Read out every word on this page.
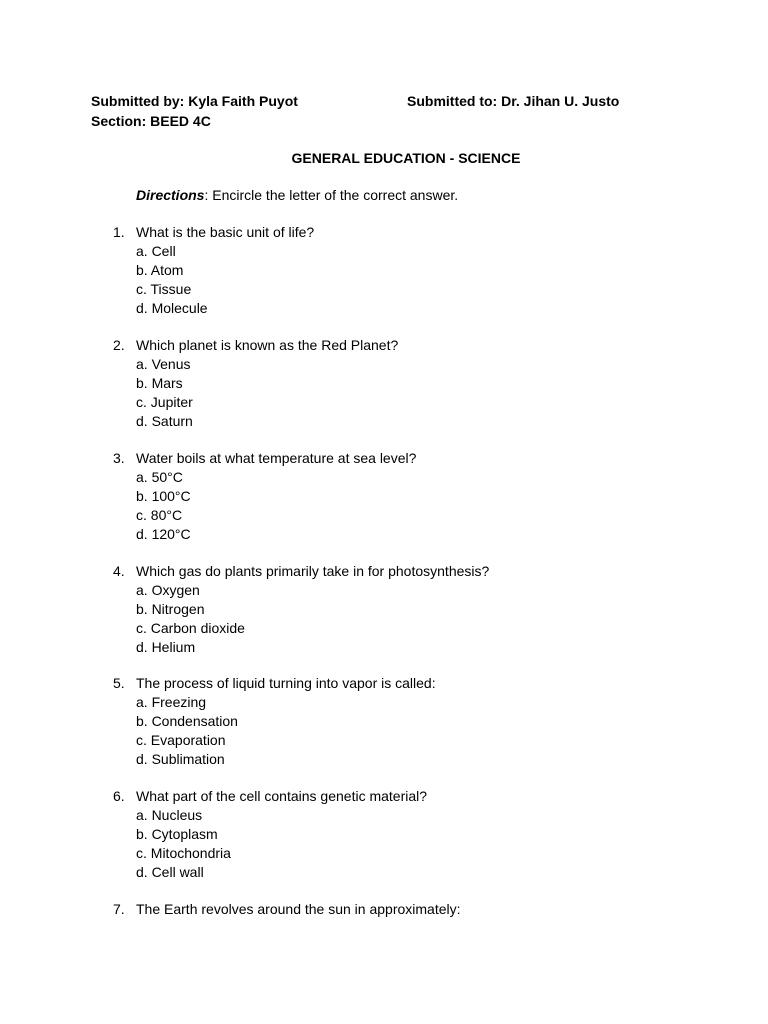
Submitted by: Kyla Faith Puyot
Section: BEED 4C
Submitted to: Dr. Jihan U. Justo
GENERAL EDUCATION - SCIENCE
Directions: Encircle the letter of the correct answer.
1. What is the basic unit of life?
a. Cell
b. Atom
c. Tissue
d. Molecule
2. Which planet is known as the Red Planet?
a. Venus
b. Mars
c. Jupiter
d. Saturn
3. Water boils at what temperature at sea level?
a. 50°C
b. 100°C
c. 80°C
d. 120°C
4. Which gas do plants primarily take in for photosynthesis?
a. Oxygen
b. Nitrogen
c. Carbon dioxide
d. Helium
5. The process of liquid turning into vapor is called:
a. Freezing
b. Condensation
c. Evaporation
d. Sublimation
6. What part of the cell contains genetic material?
a. Nucleus
b. Cytoplasm
c. Mitochondria
d. Cell wall
7. The Earth revolves around the sun in approximately:
